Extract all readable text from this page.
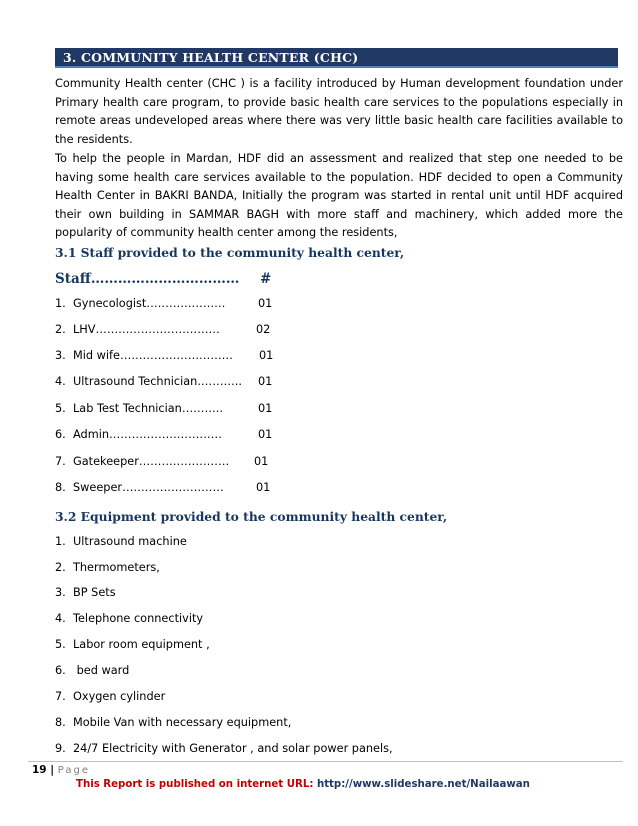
3. COMMUNITY HEALTH CENTER (CHC)

Community Health center (CHC ) is a facility introduced by Human development foundation under Primary health care program, to provide basic health care services to the populations especially in remote areas undeveloped areas where there was very little basic health care facilities available to the residents.

To help the people in Mardan, HDF did an assessment and realized that step one needed to be having some health care services available to the population. HDF decided to open a Community Health Center in BAKRI BANDA, Initially the program was started in rental unit until HDF acquired their own building in SAMMAR BAGH with more staff and machinery, which added more the popularity of community health center among the residents,

3.1 Staff provided to the community health center,

Staff…………………………… #
1. Gynecologist…………………	01
2. LHV……………………………	02
3. Mid wife………………………… 01
4. Ultrasound Technician.……….. 01
5. Lab Test Technician………..	01
6. Admin…………………………	01
7. Gatekeeper…………………… 01
8. Sweeper………………………	01

3.2 Equipment provided to the community health center,

1. Ultrasound machine
2. Thermometers,
3. BP Sets
4. Telephone connectivity
5. Labor room equipment ,
6. bed ward
7. Oxygen cylinder
8. Mobile Van with necessary equipment,
9. 24/7 Electricity with Generator , and solar power panels,
19 | Page
This Report is published on internet URL: http://www.slideshare.net/Nailaawan
